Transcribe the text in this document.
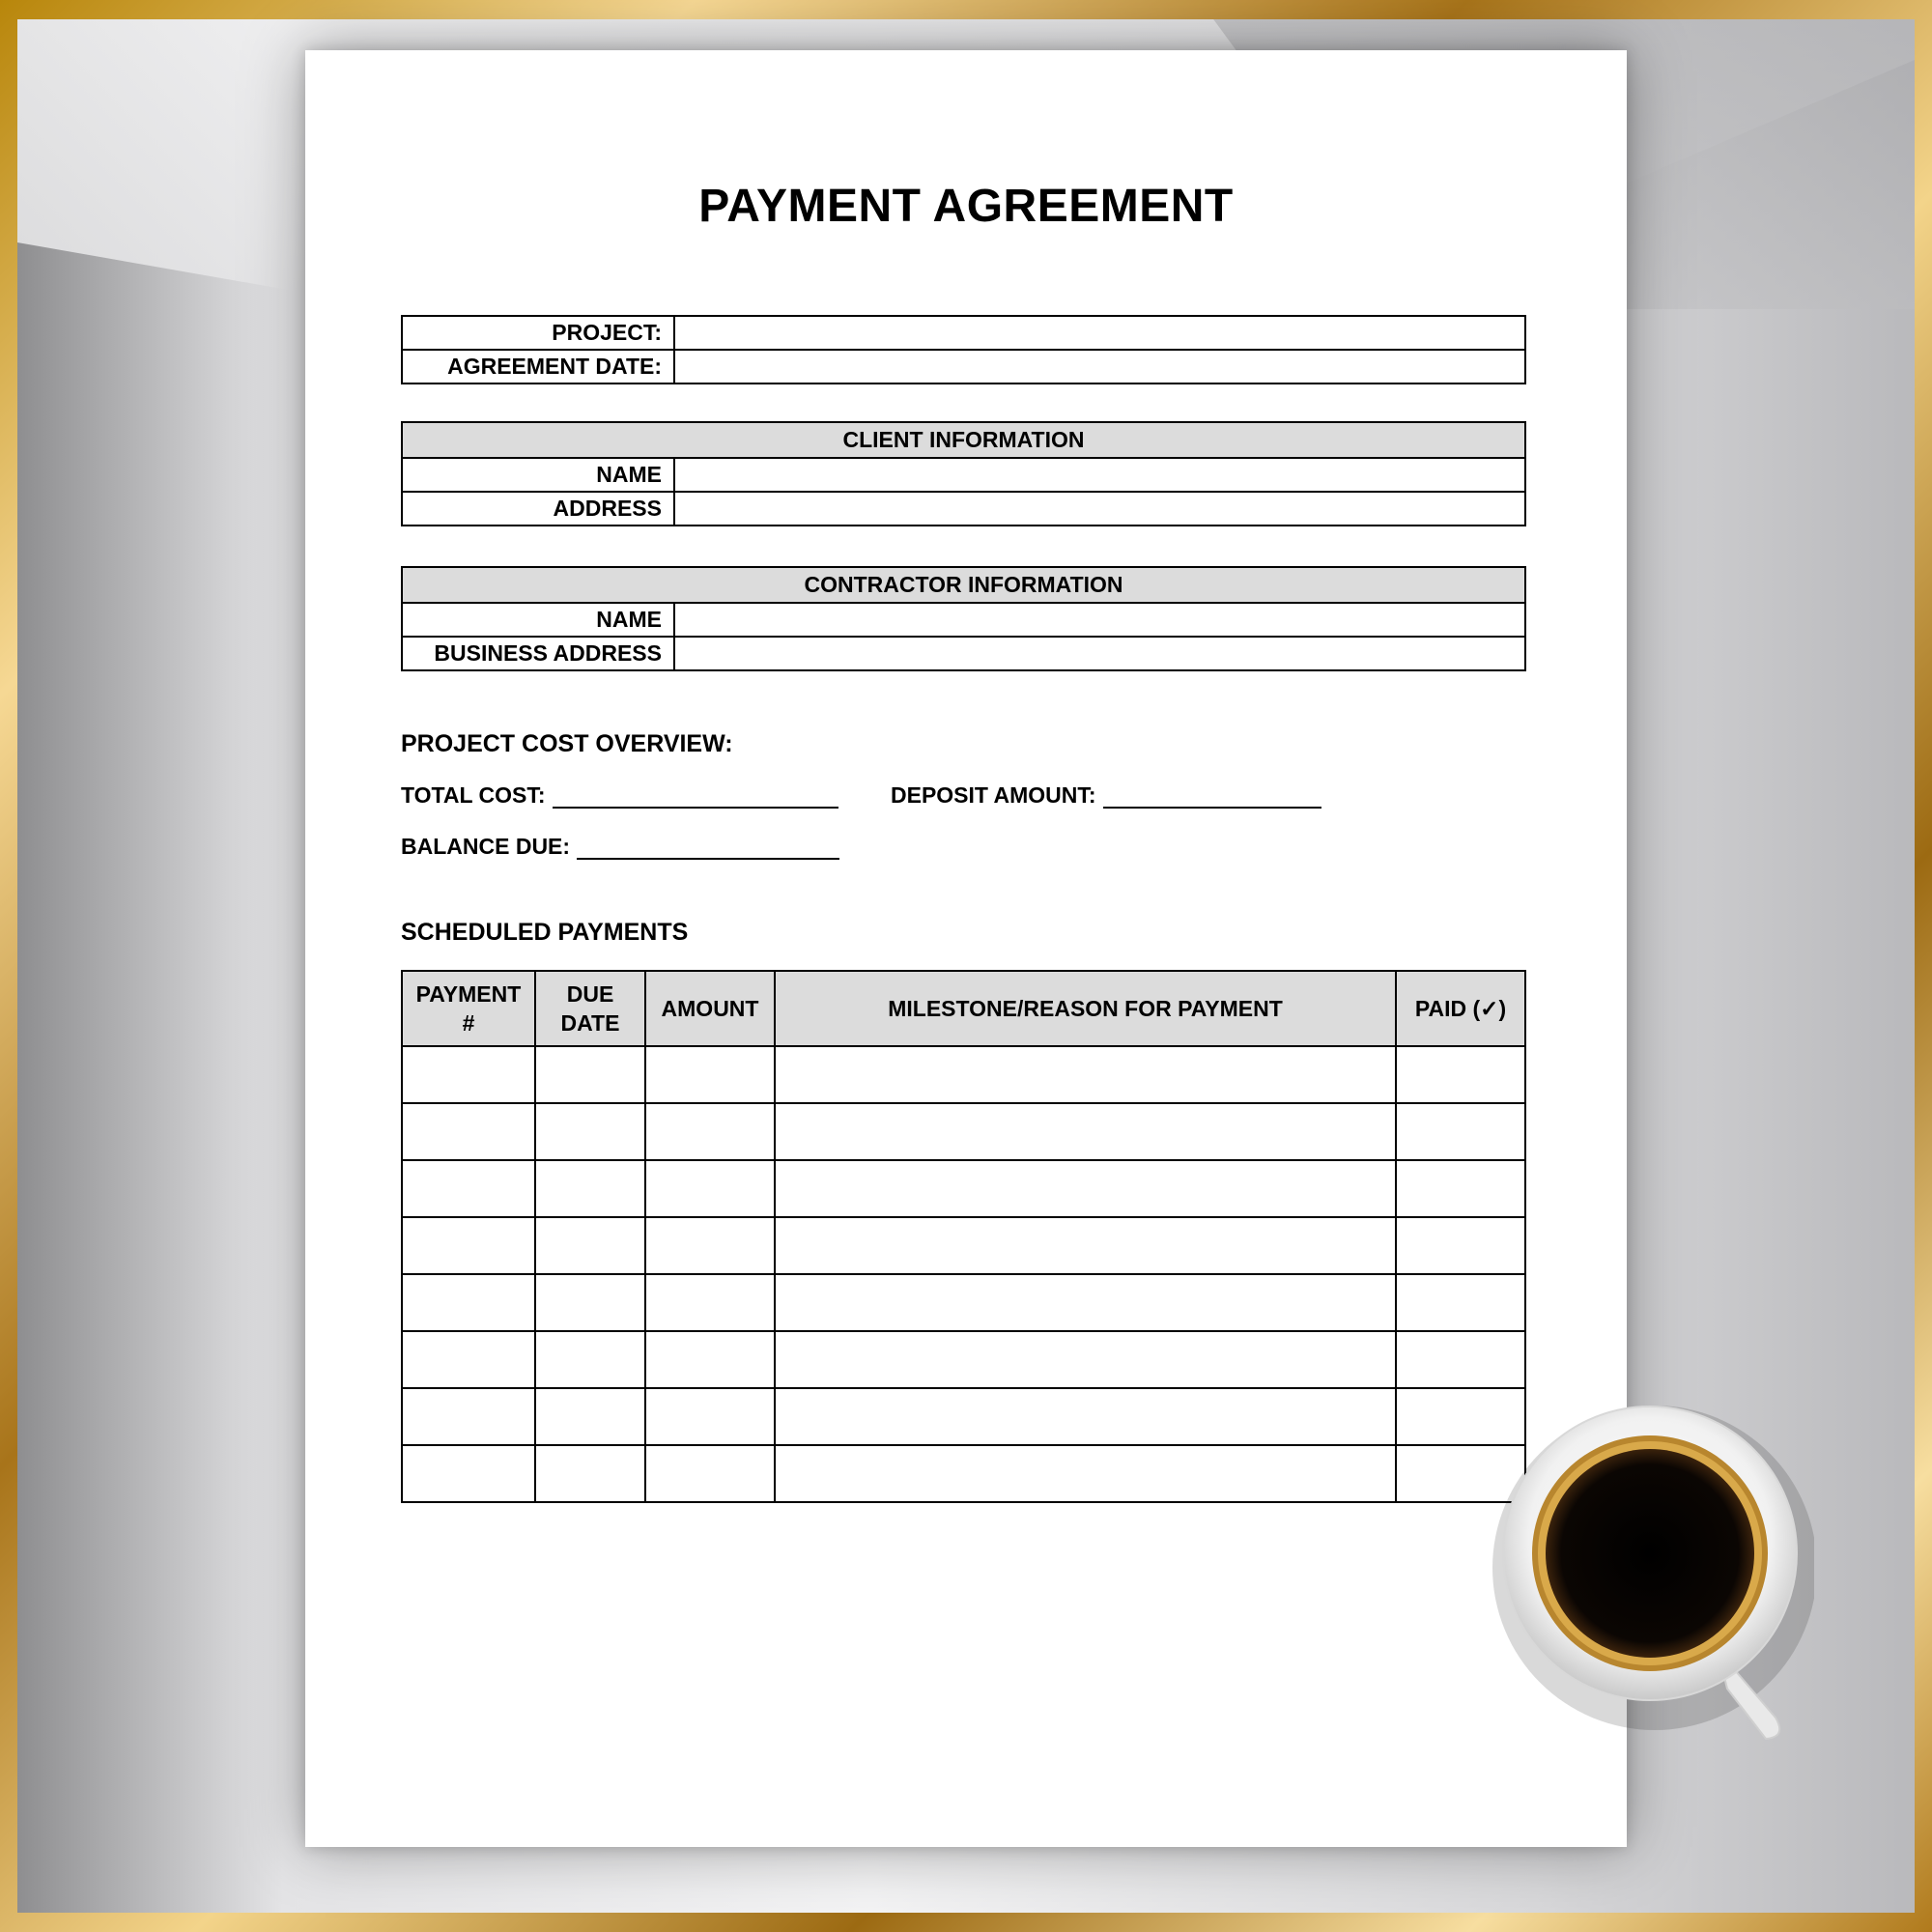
PAYMENT AGREEMENT
PROJECT:	
AGREEMENT DATE:	
CLIENT INFORMATION	
NAME	
ADDRESS	
CONTRACTOR INFORMATION	
NAME	
BUSINESS ADDRESS	
PROJECT COST OVERVIEW:
TOTAL COST:	DEPOSIT AMOUNT:
BALANCE DUE:
SCHEDULED PAYMENTS
PAYMENT #	DUE DATE	AMOUNT	MILESTONE/REASON FOR PAYMENT	PAID (✓)
